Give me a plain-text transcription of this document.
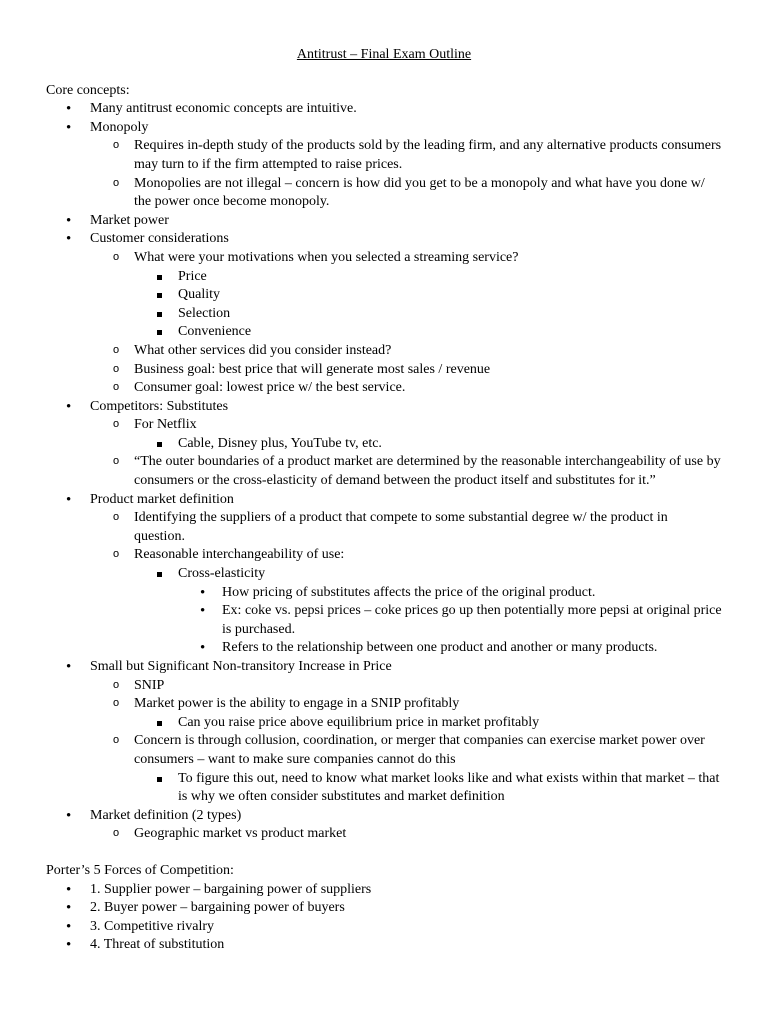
Antitrust – Final Exam Outline
Core concepts:
• Many antitrust economic concepts are intuitive.
• Monopoly
o Requires in-depth study of the products sold by the leading firm, and any alternative products consumers may turn to if the firm attempted to raise prices.
o Monopolies are not illegal – concern is how did you get to be a monopoly and what have you done w/ the power once become monopoly.
• Market power
• Customer considerations
o What were your motivations when you selected a streaming service?
Price
Quality
Selection
Convenience
o What other services did you consider instead?
o Business goal: best price that will generate most sales / revenue
o Consumer goal: lowest price w/ the best service.
• Competitors: Substitutes
o For Netflix
Cable, Disney plus, YouTube tv, etc.
o “The outer boundaries of a product market are determined by the reasonable interchangeability of use by consumers or the cross-elasticity of demand between the product itself and substitutes for it.”
• Product market definition
o Identifying the suppliers of a product that compete to some substantial degree w/ the product in question.
o Reasonable interchangeability of use:
Cross-elasticity
• How pricing of substitutes affects the price of the original product.
• Ex: coke vs. pepsi prices – coke prices go up then potentially more pepsi at original price is purchased.
• Refers to the relationship between one product and another or many products.
• Small but Significant Non-transitory Increase in Price
o SNIP
o Market power is the ability to engage in a SNIP profitably
Can you raise price above equilibrium price in market profitably
o Concern is through collusion, coordination, or merger that companies can exercise market power over consumers – want to make sure companies cannot do this
To figure this out, need to know what market looks like and what exists within that market – that is why we often consider substitutes and market definition
• Market definition (2 types)
o Geographic market vs product market
Porter’s 5 Forces of Competition:
• 1. Supplier power – bargaining power of suppliers
• 2. Buyer power – bargaining power of buyers
• 3. Competitive rivalry
• 4. Threat of substitution
